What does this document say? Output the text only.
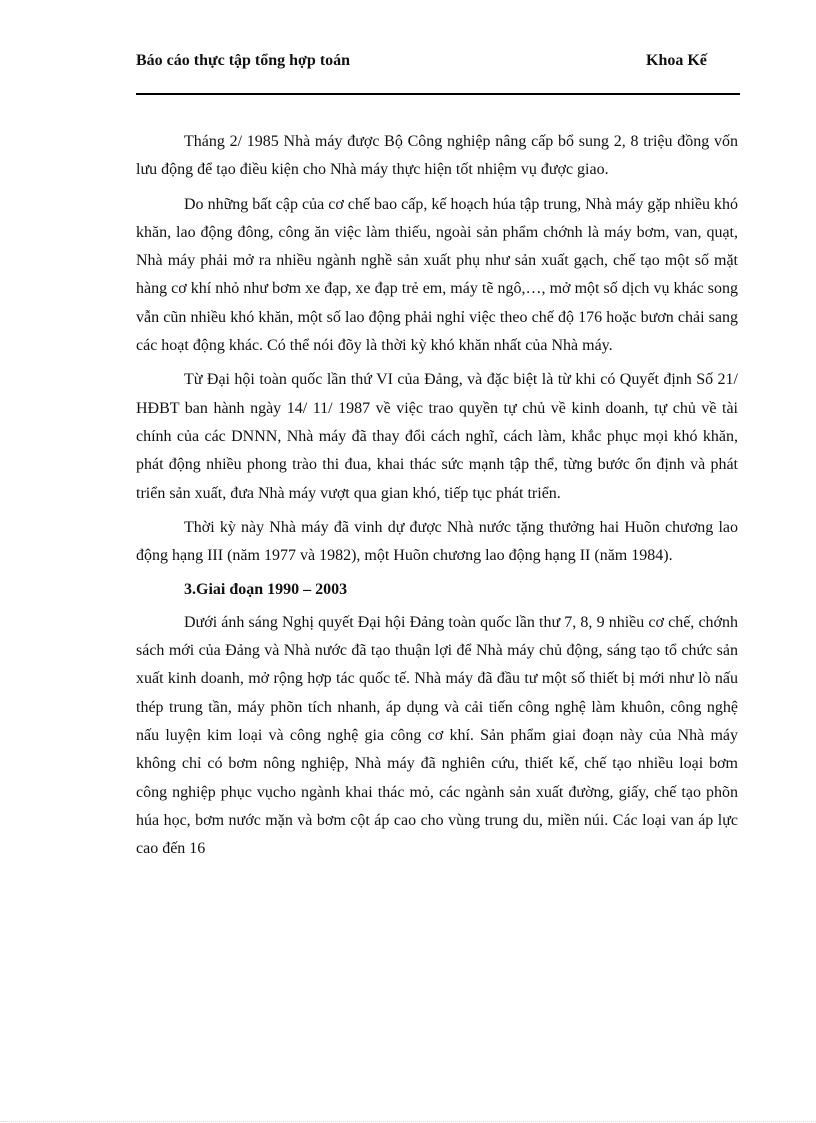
Báo cáo thực tập tổng hợp toán	Khoa Kế

Tháng 2/ 1985 Nhà máy được Bộ Công nghiệp nâng cấp bổ sung 2, 8 triệu đồng vốn lưu động để tạo điều kiện cho Nhà máy thực hiện tốt nhiệm vụ được giao.

Do những bất cập của cơ chế bao cấp, kế hoạch húa tập trung, Nhà máy gặp nhiều khó khăn, lao động đông, công ăn việc làm thiếu, ngoài sản phẩm chớnh là máy bơm, van, quạt, Nhà máy phải mở ra nhiều ngành nghề sản xuất phụ như sản xuất gạch, chế tạo một số mặt hàng cơ khí nhỏ như bơm xe đạp, xe đạp trẻ em, máy tẽ ngô,…, mở một số dịch vụ khác song vẫn cũn nhiều khó khăn, một số lao động phải nghỉ việc theo chế độ 176 hoặc bươn chải sang các hoạt động khác. Có thể nói đõy là thời kỳ khó khăn nhất của Nhà máy.

Từ Đại hội toàn quốc lần thứ VI của Đảng, và đặc biệt là từ khi có Quyết định Số 21/ HĐBT ban hành ngày 14/ 11/ 1987 về việc trao quyền tự chủ về kinh doanh, tự chủ về tài chính của các DNNN, Nhà máy đã thay đổi cách nghĩ, cách làm, khắc phục mọi khó khăn, phát động nhiều phong trào thi đua, khai thác sức mạnh tập thể, từng bước ổn định và phát triển sản xuất, đưa Nhà máy vượt qua gian khó, tiếp tục phát triển.

Thời kỳ này Nhà máy đã vinh dự được Nhà nước tặng thưởng hai Huõn chương lao động hạng III (năm 1977 và 1982), một Huõn chương lao động hạng II (năm 1984).

3.Giai đoạn 1990 – 2003

Dưới ánh sáng Nghị quyết Đại hội Đảng toàn quốc lần thư 7, 8, 9 nhiều cơ chế, chớnh sách mới của Đảng và Nhà nước đã tạo thuận lợi để Nhà máy chủ động, sáng tạo tổ chức sản xuất kinh doanh, mở rộng hợp tác quốc tế. Nhà máy đã đầu tư một số thiết bị mới như lò nấu thép trung tần, máy phõn tích nhanh, áp dụng và cải tiến công nghệ làm khuôn, công nghệ nấu luyện kim loại và công nghệ gia công cơ khí. Sản phẩm giai đoạn này của Nhà máy không chỉ có bơm nông nghiệp, Nhà máy đã nghiên cứu, thiết kế, chế tạo nhiều loại bơm công nghiệp phục vụcho ngành khai thác mỏ, các ngành sản xuất đường, giấy, chế tạo phõn húa học, bơm nước mặn và bơm cột áp cao cho vùng trung du, miền núi. Các loại van áp lực cao đến 16
